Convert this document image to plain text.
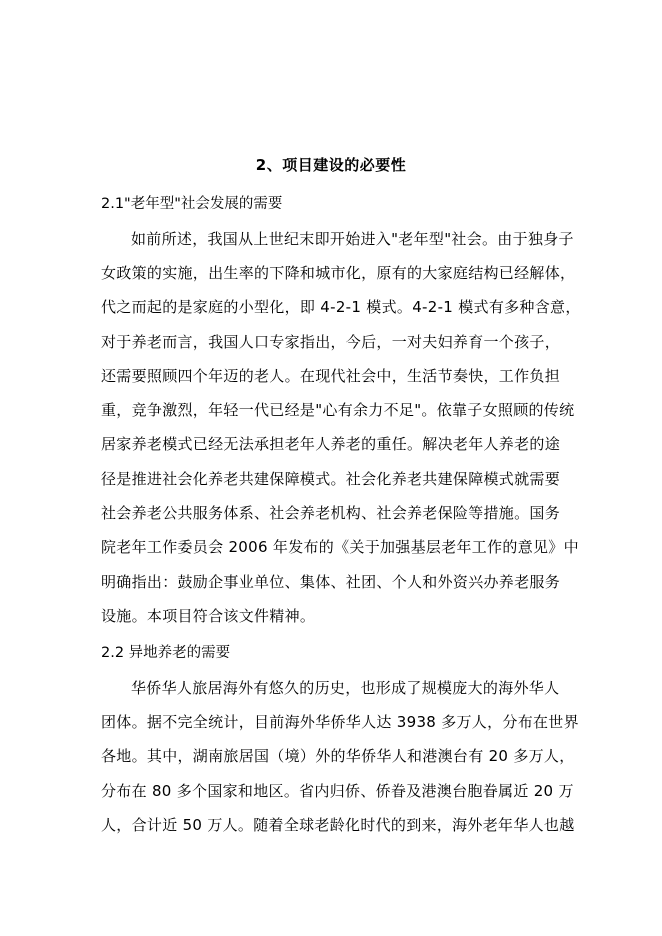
2、项目建设的必要性
2.1"老年型"社会发展的需要
如前所述，我国从上世纪末即开始进入"老年型"社会。由于独身子
女政策的实施，出生率的下降和城市化，原有的大家庭结构已经解体，
代之而起的是家庭的小型化，即 4-2-1 模式。4-2-1 模式有多种含意，
对于养老而言，我国人口专家指出，今后，一对夫妇养育一个孩子，
还需要照顾四个年迈的老人。在现代社会中，生活节奏快，工作负担
重，竞争激烈，年轻一代已经是"心有余力不足"。依靠子女照顾的传统
居家养老模式已经无法承担老年人养老的重任。解决老年人养老的途
径是推进社会化养老共建保障模式。社会化养老共建保障模式就需要
社会养老公共服务体系、社会养老机构、社会养老保险等措施。国务
院老年工作委员会 2006 年发布的《关于加强基层老年工作的意见》中
明确指出：鼓励企事业单位、集体、社团、个人和外资兴办养老服务
设施。本项目符合该文件精神。
2.2 异地养老的需要
华侨华人旅居海外有悠久的历史，也形成了规模庞大的海外华人
团体。据不完全统计，目前海外华侨华人达 3938 多万人，分布在世界
各地。其中，湖南旅居国（境）外的华侨华人和港澳台有 20 多万人，
分布在 80 多个国家和地区。省内归侨、侨眷及港澳台胞眷属近 20 万
人，合计近 50 万人。随着全球老龄化时代的到来，海外老年华人也越
